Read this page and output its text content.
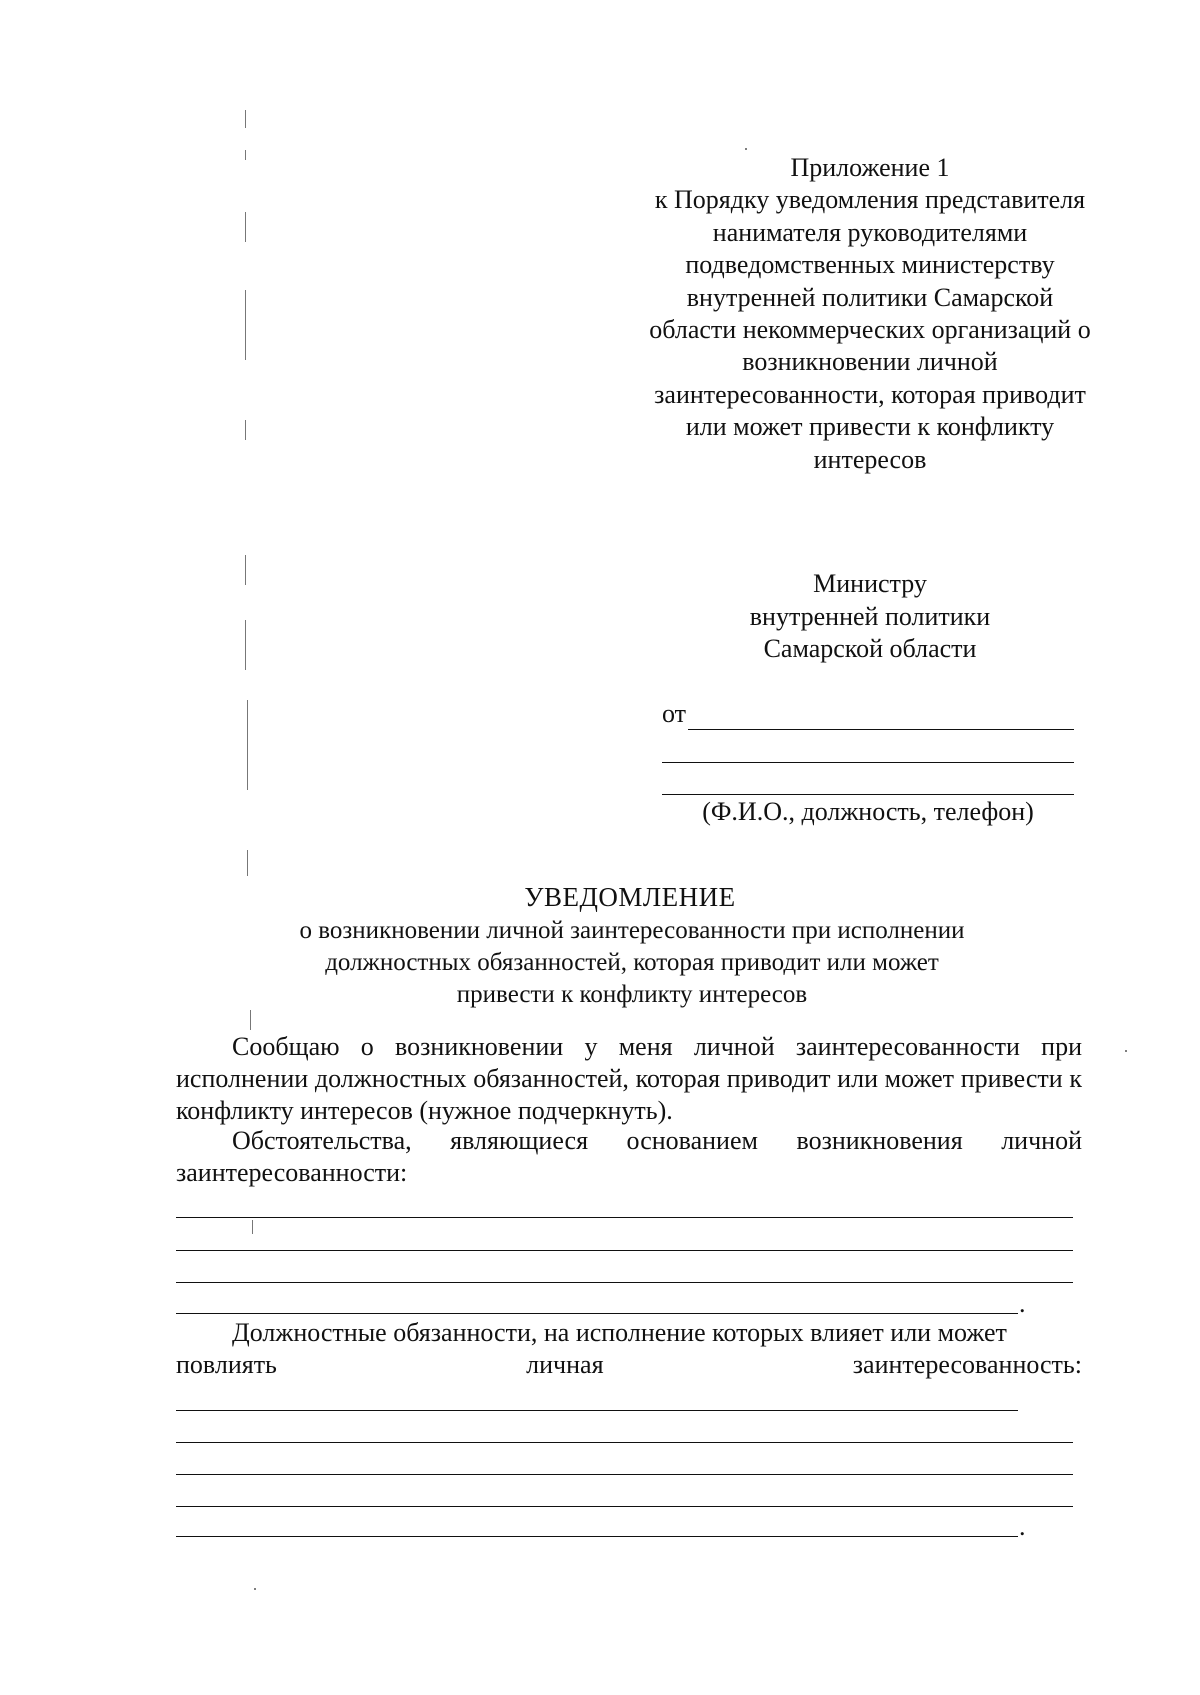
Приложение 1
к Порядку уведомления представителя
нанимателя руководителями
подведомственных министерству
внутренней политики Самарской
области некоммерческих организаций о
возникновении личной
заинтересованности, которая приводит
или может привести к конфликту
интересов
Министру
внутренней политики
Самарской области
от
(Ф.И.О., должность, телефон)
УВЕДОМЛЕНИЕ
о возникновении личной заинтересованности при исполнении
должностных обязанностей, которая приводит или может
привести к конфликту интересов
Сообщаю о возникновении у меня личной заинтересованности при исполнении должностных обязанностей, которая приводит или может привести к конфликту интересов (нужное подчеркнуть).
Обстоятельства, являющиеся основанием возникновения личной заинтересованности:
.
Должностные обязанности, на исполнение которых влияет или может
повлиять	личная	заинтересованность:
.
